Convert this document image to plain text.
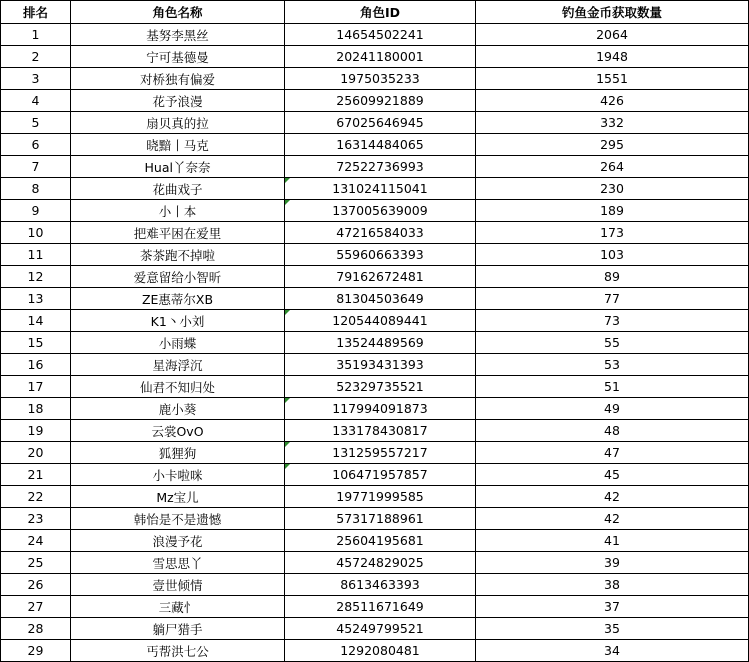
排名	角色名称	角色ID	钓鱼金币获取数量
1	基努李黑丝	14654502241	2064
2	宁可基德曼	20241180001	1948
3	对桥独有偏爱	1975035233	1551
4	花予浪漫	25609921889	426
5	扇贝真的拉	67025646945	332
6	晓黯丨马克	16314484065	295
7	Hual丫奈奈	72522736993	264
8	花曲戏子	131024115041	230
9	小丨本	137005639009	189
10	把难平困在爱里	47216584033	173
11	茶茶跑不掉啦	55960663393	103
12	爱意留给小智昕	79162672481	89
13	ZE惠蒂尔XB	81304503649	77
14	K1丶小刘	120544089441	73
15	小雨蝶	13524489569	55
16	星海浮沉	35193431393	53
17	仙君不知归处	52329735521	51
18	鹿小葵	117994091873	49
19	云裳OvO	133178430817	48
20	狐狸狗	131259557217	47
21	小卡啦咪	106471957857	45
22	Mz宝儿	19771999585	42
23	韩怡是不是遗憾	57317188961	42
24	浪漫予花	25604195681	41
25	雪思思丫	45724829025	39
26	壹世倾情	8613463393	38
27	三藏忄	28511671649	37
28	躺尸猎手	45249799521	35
29	丐帮洪七公	1292080481	34
